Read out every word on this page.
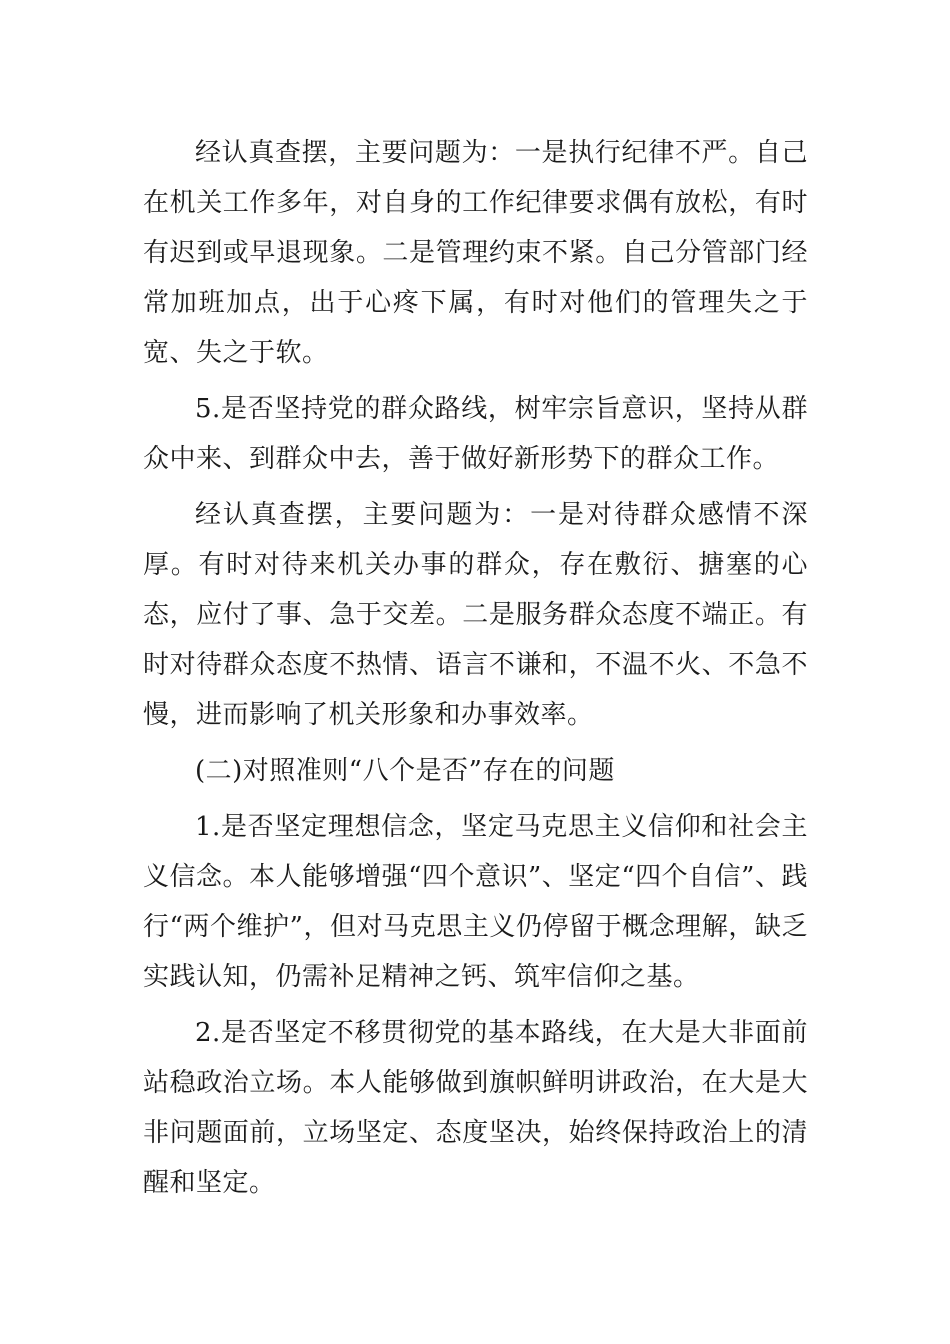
经认真查摆，主要问题为：一是执行纪律不严。自己在机关工作多年，对自身的工作纪律要求偶有放松，有时有迟到或早退现象。二是管理约束不紧。自己分管部门经常加班加点，出于心疼下属，有时对他们的管理失之于宽、失之于软。

5.是否坚持党的群众路线，树牢宗旨意识，坚持从群众中来、到群众中去，善于做好新形势下的群众工作。

经认真查摆，主要问题为：一是对待群众感情不深厚。有时对待来机关办事的群众，存在敷衍、搪塞的心态，应付了事、急于交差。二是服务群众态度不端正。有时对待群众态度不热情、语言不谦和，不温不火、不急不慢，进而影响了机关形象和办事效率。

(二)对照准则“八个是否”存在的问题

1.是否坚定理想信念，坚定马克思主义信仰和社会主义信念。本人能够增强“四个意识”、坚定“四个自信”、践行“两个维护”，但对马克思主义仍停留于概念理解，缺乏实践认知，仍需补足精神之钙、筑牢信仰之基。

2.是否坚定不移贯彻党的基本路线，在大是大非面前站稳政治立场。本人能够做到旗帜鲜明讲政治，在大是大非问题面前，立场坚定、态度坚决，始终保持政治上的清醒和坚定。
